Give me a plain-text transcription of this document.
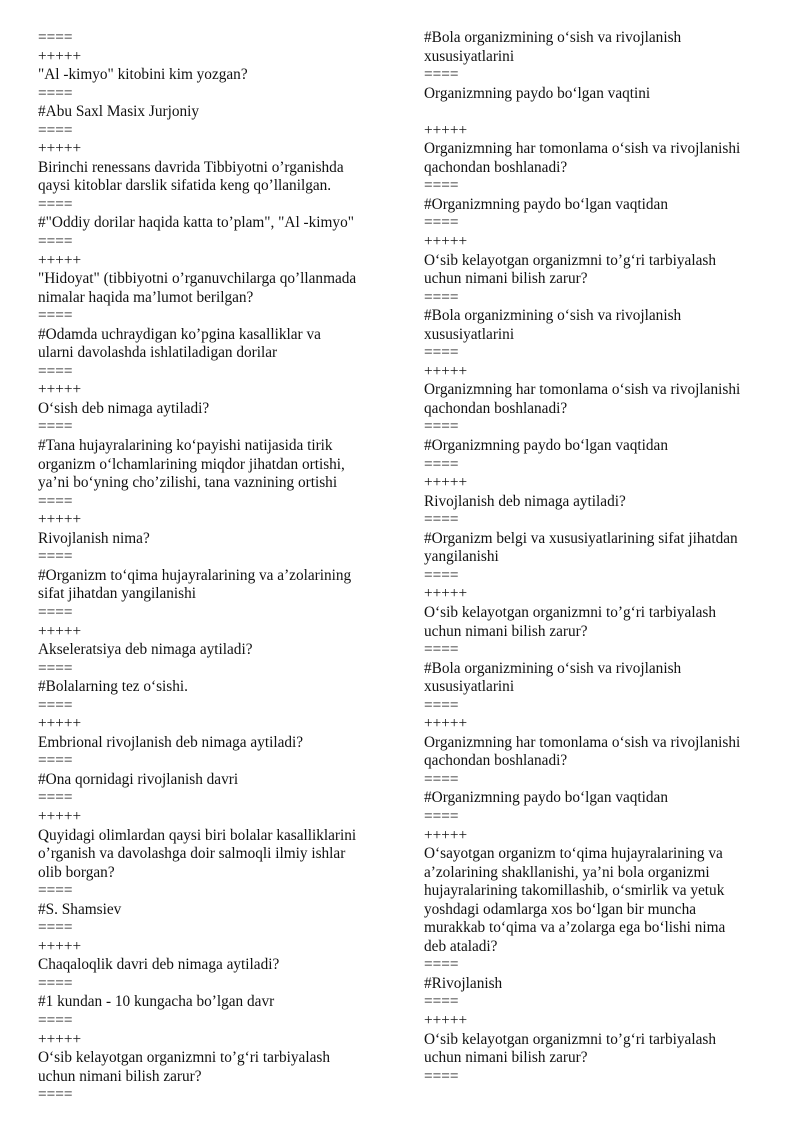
====
+++++
"Al -kimyo" kitobini kim yozgan?
====
#Abu Saxl Masix Jurjoniy
====
+++++
Birinchi renessans davrida Tibbiyotni o’rganishda
qaysi kitoblar darslik sifatida keng qo’llanilgan.
====
#"Oddiy dorilar haqida katta to’plam", "Al -kimyo"
====
+++++
"Hidoyat" (tibbiyotni o’rganuvchilarga qo’llanmada
nimalar haqida ma’lumot berilgan?
====
#Odamda uchraydigan ko’pgina kasalliklar va
ularni davolashda ishlatiladigan dorilar
====
+++++
O‘sish deb nimaga aytiladi?
====
#Tana hujayralarining ko‘payishi natijasida tirik
organizm o‘lchamlarining miqdor jihatdan ortishi,
ya’ni bo‘yning cho’zilishi, tana vaznining ortishi
====
+++++
Rivojlanish nima?
====
#Organizm to‘qima hujayralarining va a’zolarining
sifat jihatdan yangilanishi
====
+++++
Akseleratsiya deb nimaga aytiladi?
====
#Bolalarning tez o‘sishi.
====
+++++
Embrional rivojlanish deb nimaga aytiladi?
====
#Ona qornidagi rivojlanish davri
====
+++++
Quyidagi olimlardan qaysi biri bolalar kasalliklarini
o’rganish va davolashga doir salmoqli ilmiy ishlar
olib borgan?
====
#S. Shamsiev
====
+++++
Chaqaloqlik davri deb nimaga aytiladi?
====
#1 kundan - 10 kungacha bo’lgan davr
====
+++++
O‘sib kelayotgan organizmni to’g‘ri tarbiyalash
uchun nimani bilish zarur?
====
#Bola organizmining o‘sish va rivojlanish
xususiyatlarini
====
Organizmning paydo bo‘lgan vaqtini
+++++
Organizmning har tomonlama o‘sish va rivojlanishi
qachondan boshlanadi?
====
#Organizmning paydo bo‘lgan vaqtidan
====
+++++
O‘sib kelayotgan organizmni to’g‘ri tarbiyalash
uchun nimani bilish zarur?
====
#Bola organizmining o‘sish va rivojlanish
xususiyatlarini
====
+++++
Organizmning har tomonlama o‘sish va rivojlanishi
qachondan boshlanadi?
====
#Organizmning paydo bo‘lgan vaqtidan
====
+++++
Rivojlanish deb nimaga aytiladi?
====
#Organizm belgi va xususiyatlarining sifat jihatdan
yangilanishi
====
+++++
O‘sib kelayotgan organizmni to’g‘ri tarbiyalash
uchun nimani bilish zarur?
====
#Bola organizmining o‘sish va rivojlanish
xususiyatlarini
====
+++++
Organizmning har tomonlama o‘sish va rivojlanishi
qachondan boshlanadi?
====
#Organizmning paydo bo‘lgan vaqtidan
====
+++++
O‘sayotgan organizm to‘qima hujayralarining va
a’zolarining shakllanishi, ya’ni bola organizmi
hujayralarining takomillashib, o‘smirlik va yetuk
yoshdagi odamlarga xos bo‘lgan bir muncha
murakkab to‘qima va a’zolarga ega bo‘lishi nima
deb ataladi?
====
#Rivojlanish
====
+++++
O‘sib kelayotgan organizmni to’g‘ri tarbiyalash
uchun nimani bilish zarur?
====
